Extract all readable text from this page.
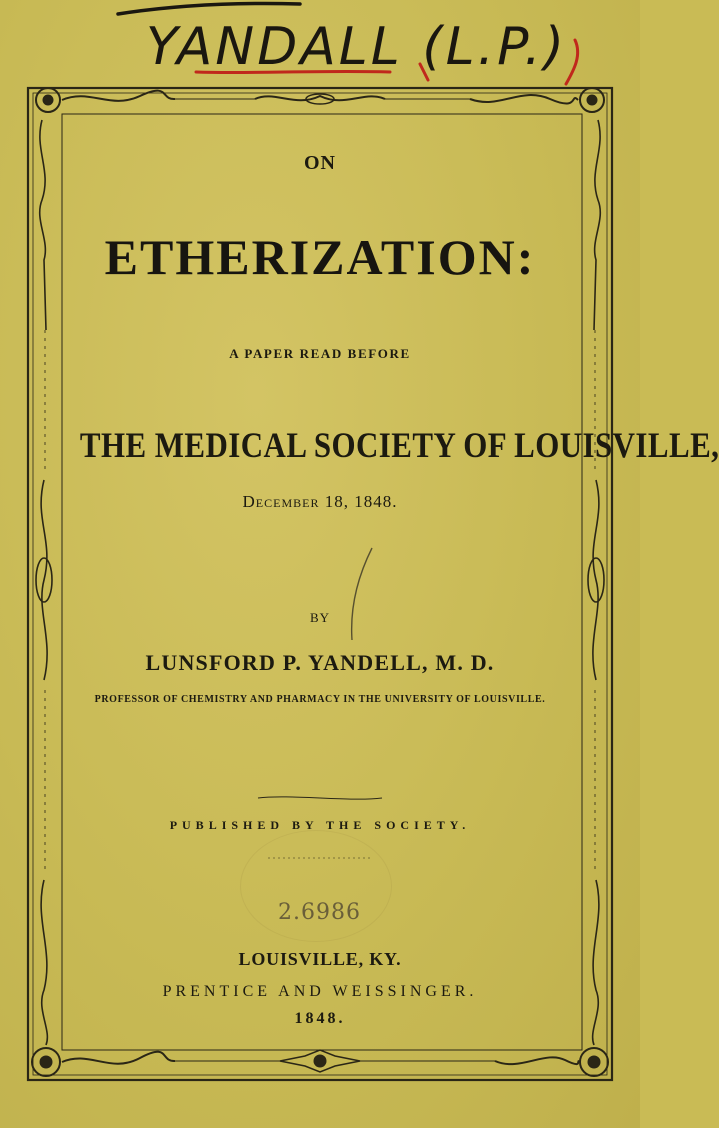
YANDALL (L.P.)
ON
ETHERIZATION:
A PAPER READ BEFORE
THE MEDICAL SOCIETY OF LOUISVILLE,
December 18, 1848.
BY
LUNSFORD P. YANDELL, M. D.
PROFESSOR OF CHEMISTRY AND PHARMACY IN THE UNIVERSITY OF LOUISVILLE.
PUBLISHED BY THE SOCIETY.
2.6986
LOUISVILLE, KY.
PRENTICE AND WEISSINGER.
1848.
